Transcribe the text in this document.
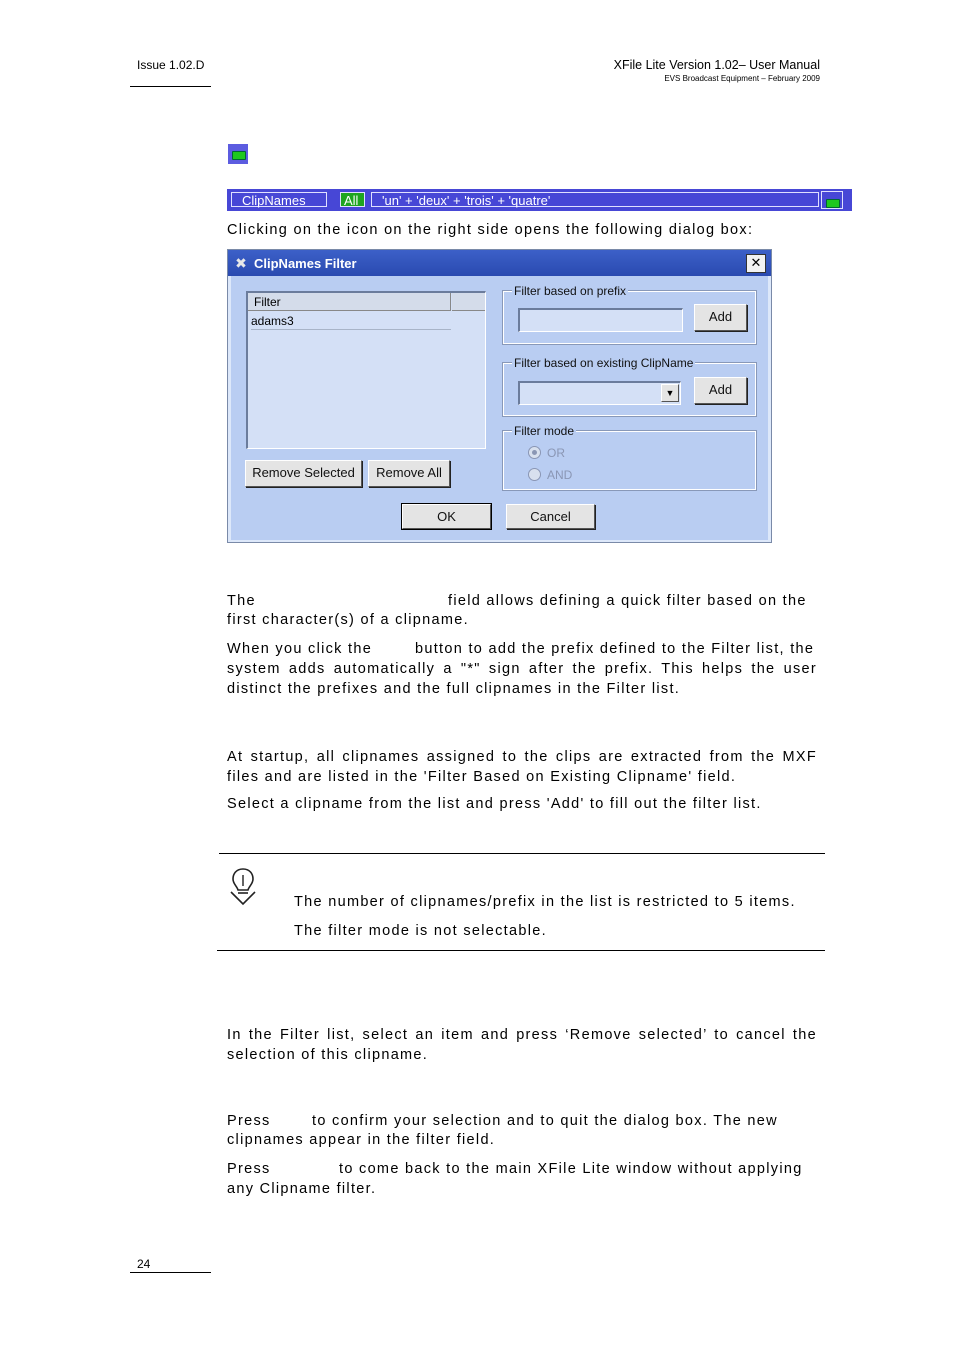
Issue 1.02.D	XFile Lite Version 1.02– User Manual
EVS Broadcast Equipment – February 2009
ClipNames	All	'un' + 'deux' + 'trois' + 'quatre'
Clicking on the icon on the right side opens the following dialog box:
✖ ClipNames Filter	✕
Filter
adams3
Remove Selected	Remove All
Filter based on prefix
Add
Filter based on existing ClipName
▼	Add
Filter mode
OR
AND
OK	Cancel
The	field allows defining a quick filter based on the
first character(s) of a clipname.
When you click the	button to add the prefix defined to the Filter list, the
system adds automatically a "*" sign after the prefix. This helps the user distinct the prefixes and the full clipnames in the Filter list.
At startup, all clipnames assigned to the clips are extracted from the MXF files and are listed in the 'Filter Based on Existing Clipname' field.
Select a clipname from the list and press 'Add' to fill out the filter list.
The number of clipnames/prefix in the list is restricted to 5 items.
The filter mode is not selectable.
In the Filter list, select an item and press ‘Remove selected’ to cancel the selection of this clipname.
Press	to confirm your selection and to quit the dialog box. The new
clipnames appear in the filter field.
Press	to come back to the main XFile Lite window without applying
any Clipname filter.
24
